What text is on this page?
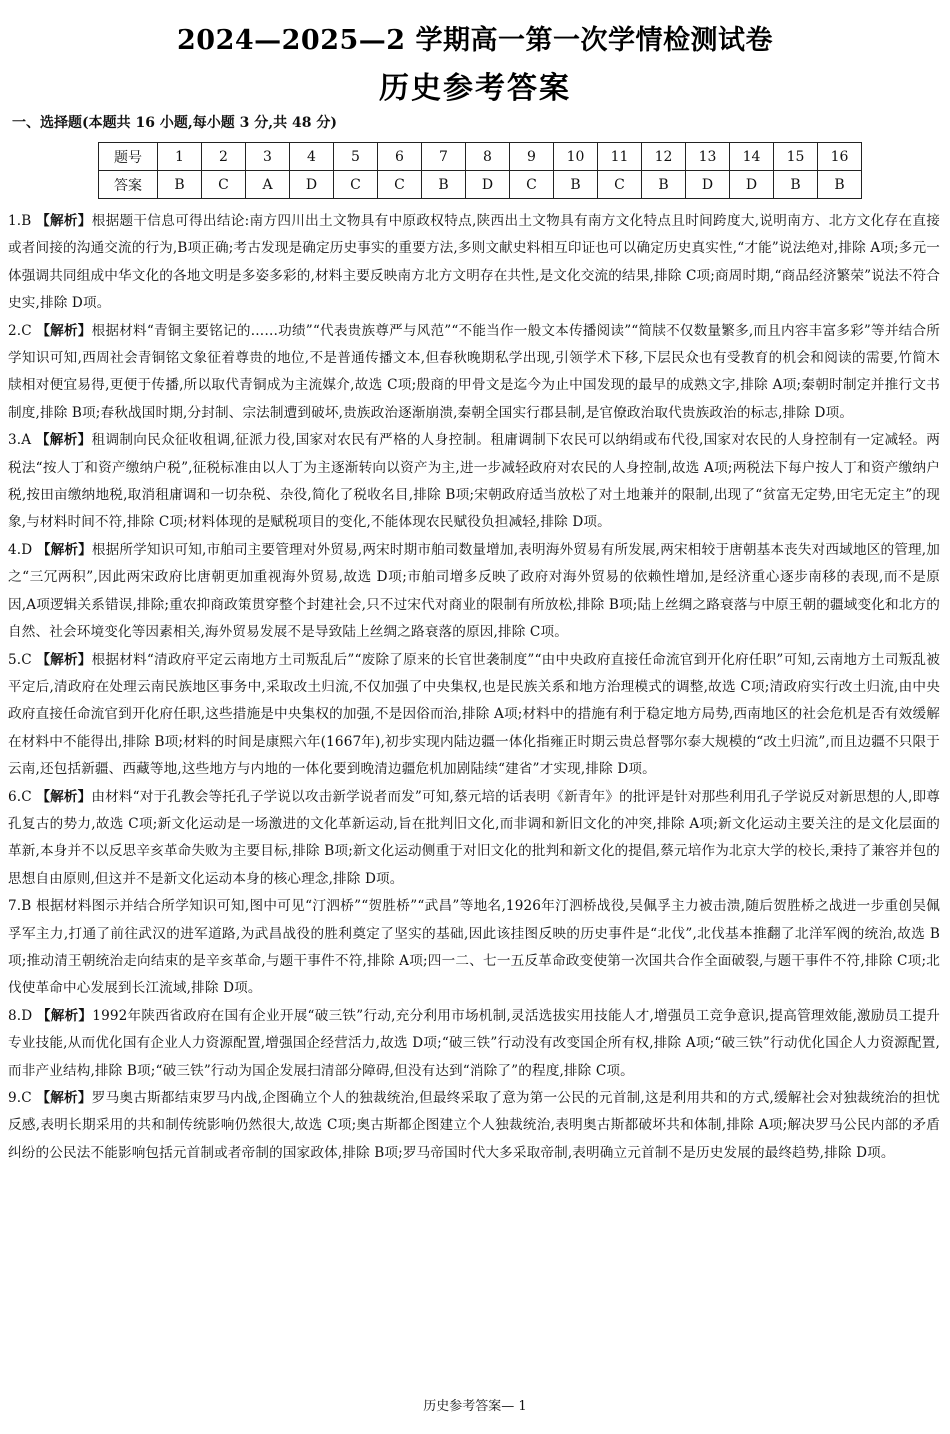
2024—2025—2 学期高一第一次学情检测试卷
历史参考答案
一、选择题(本题共 16 小题,每小题 3 分,共 48 分)
题号	1	2	3	4	5	6	7	8	9	10	11	12	13	14	15	16
答案	B	C	A	D	C	C	B	D	C	B	C	B	D	D	B	B

1.B 【解析】根据题干信息可得出结论:南方四川出土文物具有中原政权特点,陕西出土文物具有南方文化特点且时间跨度大,说明南方、北方文化存在直接或者间接的沟通交流的行为,B项正确;考古发现是确定历史事实的重要方法,多则文献史料相互印证也可以确定历史真实性,“才能”说法绝对,排除 A项;多元一体强调共同组成中华文化的各地文明是多姿多彩的,材料主要反映南方北方文明存在共性,是文化交流的结果,排除 C项;商周时期,“商品经济繁荣”说法不符合史实,排除 D项。

2.C 【解析】根据材料“青铜主要铭记的……功绩”“代表贵族尊严与风范”“不能当作一般文本传播阅读”“简牍不仅数量繁多,而且内容丰富多彩”等并结合所学知识可知,西周社会青铜铭文象征着尊贵的地位,不是普通传播文本,但春秋晚期私学出现,引领学术下移,下层民众也有受教育的机会和阅读的需要,竹简木牍相对便宜易得,更便于传播,所以取代青铜成为主流媒介,故选 C项;殷商的甲骨文是迄今为止中国发现的最早的成熟文字,排除 A项;秦朝时制定并推行文书制度,排除 B项;春秋战国时期,分封制、宗法制遭到破坏,贵族政治逐渐崩溃,秦朝全国实行郡县制,是官僚政治取代贵族政治的标志,排除 D项。

3.A 【解析】租调制向民众征收租调,征派力役,国家对农民有严格的人身控制。租庸调制下农民可以纳绢或布代役,国家对农民的人身控制有一定减轻。两税法“按人丁和资产缴纳户税”,征税标准由以人丁为主逐渐转向以资产为主,进一步减轻政府对农民的人身控制,故选 A项;两税法下每户按人丁和资产缴纳户税,按田亩缴纳地税,取消租庸调和一切杂税、杂役,简化了税收名目,排除 B项;宋朝政府适当放松了对土地兼并的限制,出现了“贫富无定势,田宅无定主”的现象,与材料时间不符,排除 C项;材料体现的是赋税项目的变化,不能体现农民赋役负担减轻,排除 D项。

4.D 【解析】根据所学知识可知,市舶司主要管理对外贸易,两宋时期市舶司数量增加,表明海外贸易有所发展,两宋相较于唐朝基本丧失对西域地区的管理,加之“三冗两积”,因此两宋政府比唐朝更加重视海外贸易,故选 D项;市舶司增多反映了政府对海外贸易的依赖性增加,是经济重心逐步南移的表现,而不是原因,A项逻辑关系错误,排除;重农抑商政策贯穿整个封建社会,只不过宋代对商业的限制有所放松,排除 B项;陆上丝绸之路衰落与中原王朝的疆域变化和北方的自然、社会环境变化等因素相关,海外贸易发展不是导致陆上丝绸之路衰落的原因,排除 C项。

5.C 【解析】根据材料“清政府平定云南地方土司叛乱后”“废除了原来的长官世袭制度”“由中央政府直接任命流官到开化府任职”可知,云南地方土司叛乱被平定后,清政府在处理云南民族地区事务中,采取改土归流,不仅加强了中央集权,也是民族关系和地方治理模式的调整,故选 C项;清政府实行改土归流,由中央政府直接任命流官到开化府任职,这些措施是中央集权的加强,不是因俗而治,排除 A项;材料中的措施有利于稳定地方局势,西南地区的社会危机是否有效缓解在材料中不能得出,排除 B项;材料的时间是康熙六年(1667年),初步实现内陆边疆一体化指雍正时期云贵总督鄂尔泰大规模的“改土归流”,而且边疆不只限于云南,还包括新疆、西藏等地,这些地方与内地的一体化要到晚清边疆危机加剧陆续“建省”才实现,排除 D项。

6.C 【解析】由材料“对于孔教会等托孔子学说以攻击新学说者而发”可知,蔡元培的话表明《新青年》的批评是针对那些利用孔子学说反对新思想的人,即尊孔复古的势力,故选 C项;新文化运动是一场激进的文化革新运动,旨在批判旧文化,而非调和新旧文化的冲突,排除 A项;新文化运动主要关注的是文化层面的革新,本身并不以反思辛亥革命失败为主要目标,排除 B项;新文化运动侧重于对旧文化的批判和新文化的提倡,蔡元培作为北京大学的校长,秉持了兼容并包的思想自由原则,但这并不是新文化运动本身的核心理念,排除 D项。

7.B 根据材料图示并结合所学知识可知,图中可见“汀泗桥”“贺胜桥”“武昌”等地名,1926年汀泗桥战役,吴佩孚主力被击溃,随后贺胜桥之战进一步重创吴佩孚军主力,打通了前往武汉的进军道路,为武昌战役的胜利奠定了坚实的基础,因此该挂图反映的历史事件是“北伐”,北伐基本推翻了北洋军阀的统治,故选 B项;推动清王朝统治走向结束的是辛亥革命,与题干事件不符,排除 A项;四一二、七一五反革命政变使第一次国共合作全面破裂,与题干事件不符,排除 C项;北伐使革命中心发展到长江流域,排除 D项。

8.D 【解析】1992年陕西省政府在国有企业开展“破三铁”行动,充分利用市场机制,灵活选拔实用技能人才,增强员工竞争意识,提高管理效能,激励员工提升专业技能,从而优化国有企业人力资源配置,增强国企经营活力,故选 D项;“破三铁”行动没有改变国企所有权,排除 A项;“破三铁”行动优化国企人力资源配置,而非产业结构,排除 B项;“破三铁”行动为国企发展扫清部分障碍,但没有达到“消除了”的程度,排除 C项。

9.C 【解析】罗马奥古斯都结束罗马内战,企图确立个人的独裁统治,但最终采取了意为第一公民的元首制,这是利用共和的方式,缓解社会对独裁统治的担忧反感,表明长期采用的共和制传统影响仍然很大,故选 C项;奥古斯都企图建立个人独裁统治,表明奥古斯都破坏共和体制,排除 A项;解决罗马公民内部的矛盾纠纷的公民法不能影响包括元首制或者帝制的国家政体,排除 B项;罗马帝国时代大多采取帝制,表明确立元首制不是历史发展的最终趋势,排除 D项。

历史参考答案— 1
